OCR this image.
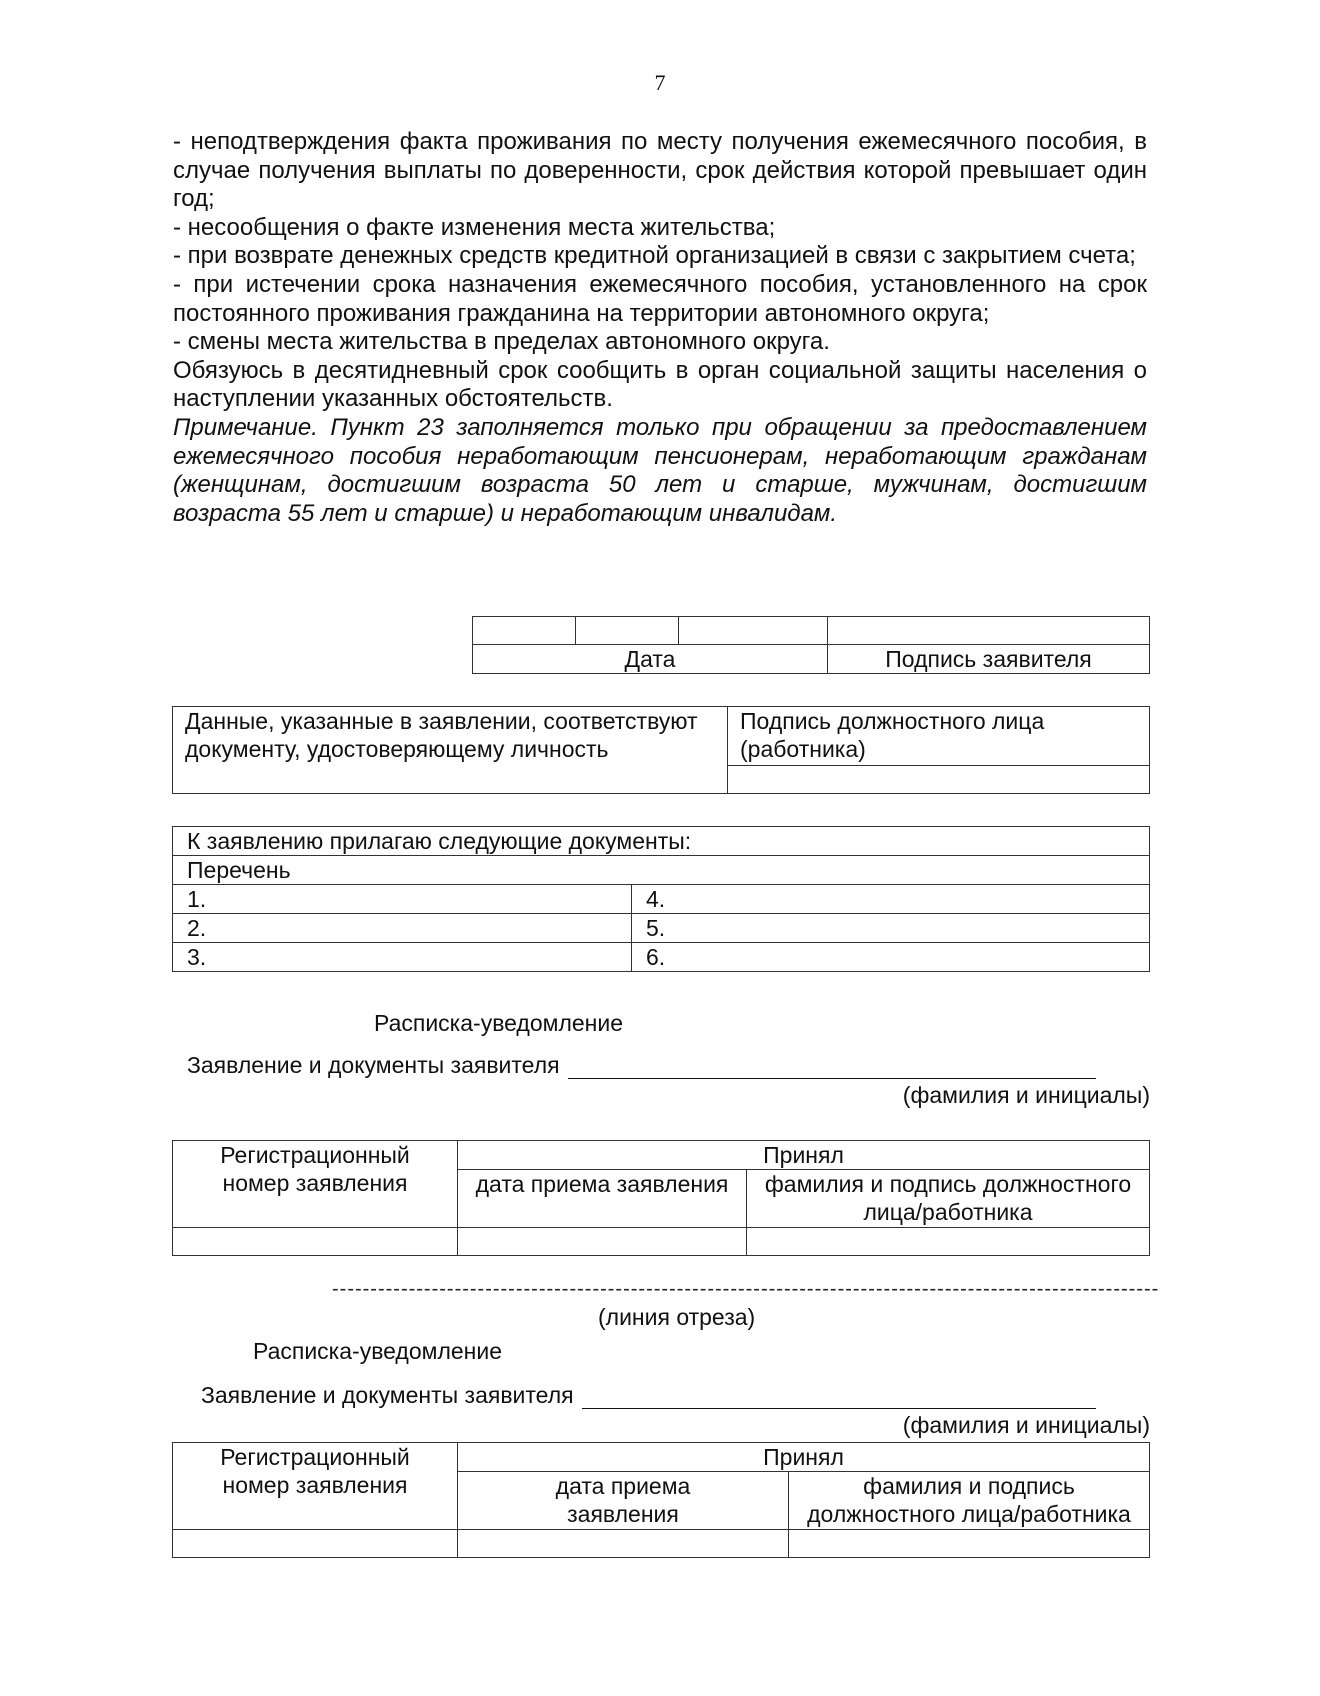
7

- неподтверждения факта проживания по месту получения ежемесячного пособия, в случае получения выплаты по доверенности, срок действия которой превышает один год;

- несообщения о факте изменения места жительства;

- при возврате денежных средств кредитной организацией в связи с закрытием счета;

- при истечении срока назначения ежемесячного пособия, установленного на срок постоянного проживания гражданина на территории автономного округа;

- смены места жительства в пределах автономного округа.

Обязуюсь в десятидневный срок сообщить в орган социальной защиты населения о наступлении указанных обстоятельств.

Примечание. Пункт 23 заполняется только при обращении за предоставлением ежемесячного пособия неработающим пенсионерам, неработающим гражданам (женщинам, достигшим возраста 50 лет и старше, мужчинам, достигшим возраста 55 лет и старше) и неработающим инвалидам.

Дата			Подпись заявителя
Данные, указанные в заявлении, соответствуют документу, удостоверяющему личность	Подпись должностного лица (работника)

К заявлению прилагаю следующие документы:	
Перечень	
1.	4.
2.	5.
3.	6.
Расписка-уведомление
Заявление и документы заявителя
(фамилия и инициалы)
Регистрационный номер заявления	Принял	
	дата приема заявления	фамилия и подпись должностного лица/работника

------------------------------------------------------------------------------------------------------------
(линия отреза)
Расписка-уведомление
Заявление и документы заявителя
(фамилия и инициалы)
Регистрационный номер заявления	Принял	
	дата приема заявления	фамилия и подпись должностного лица/работника
